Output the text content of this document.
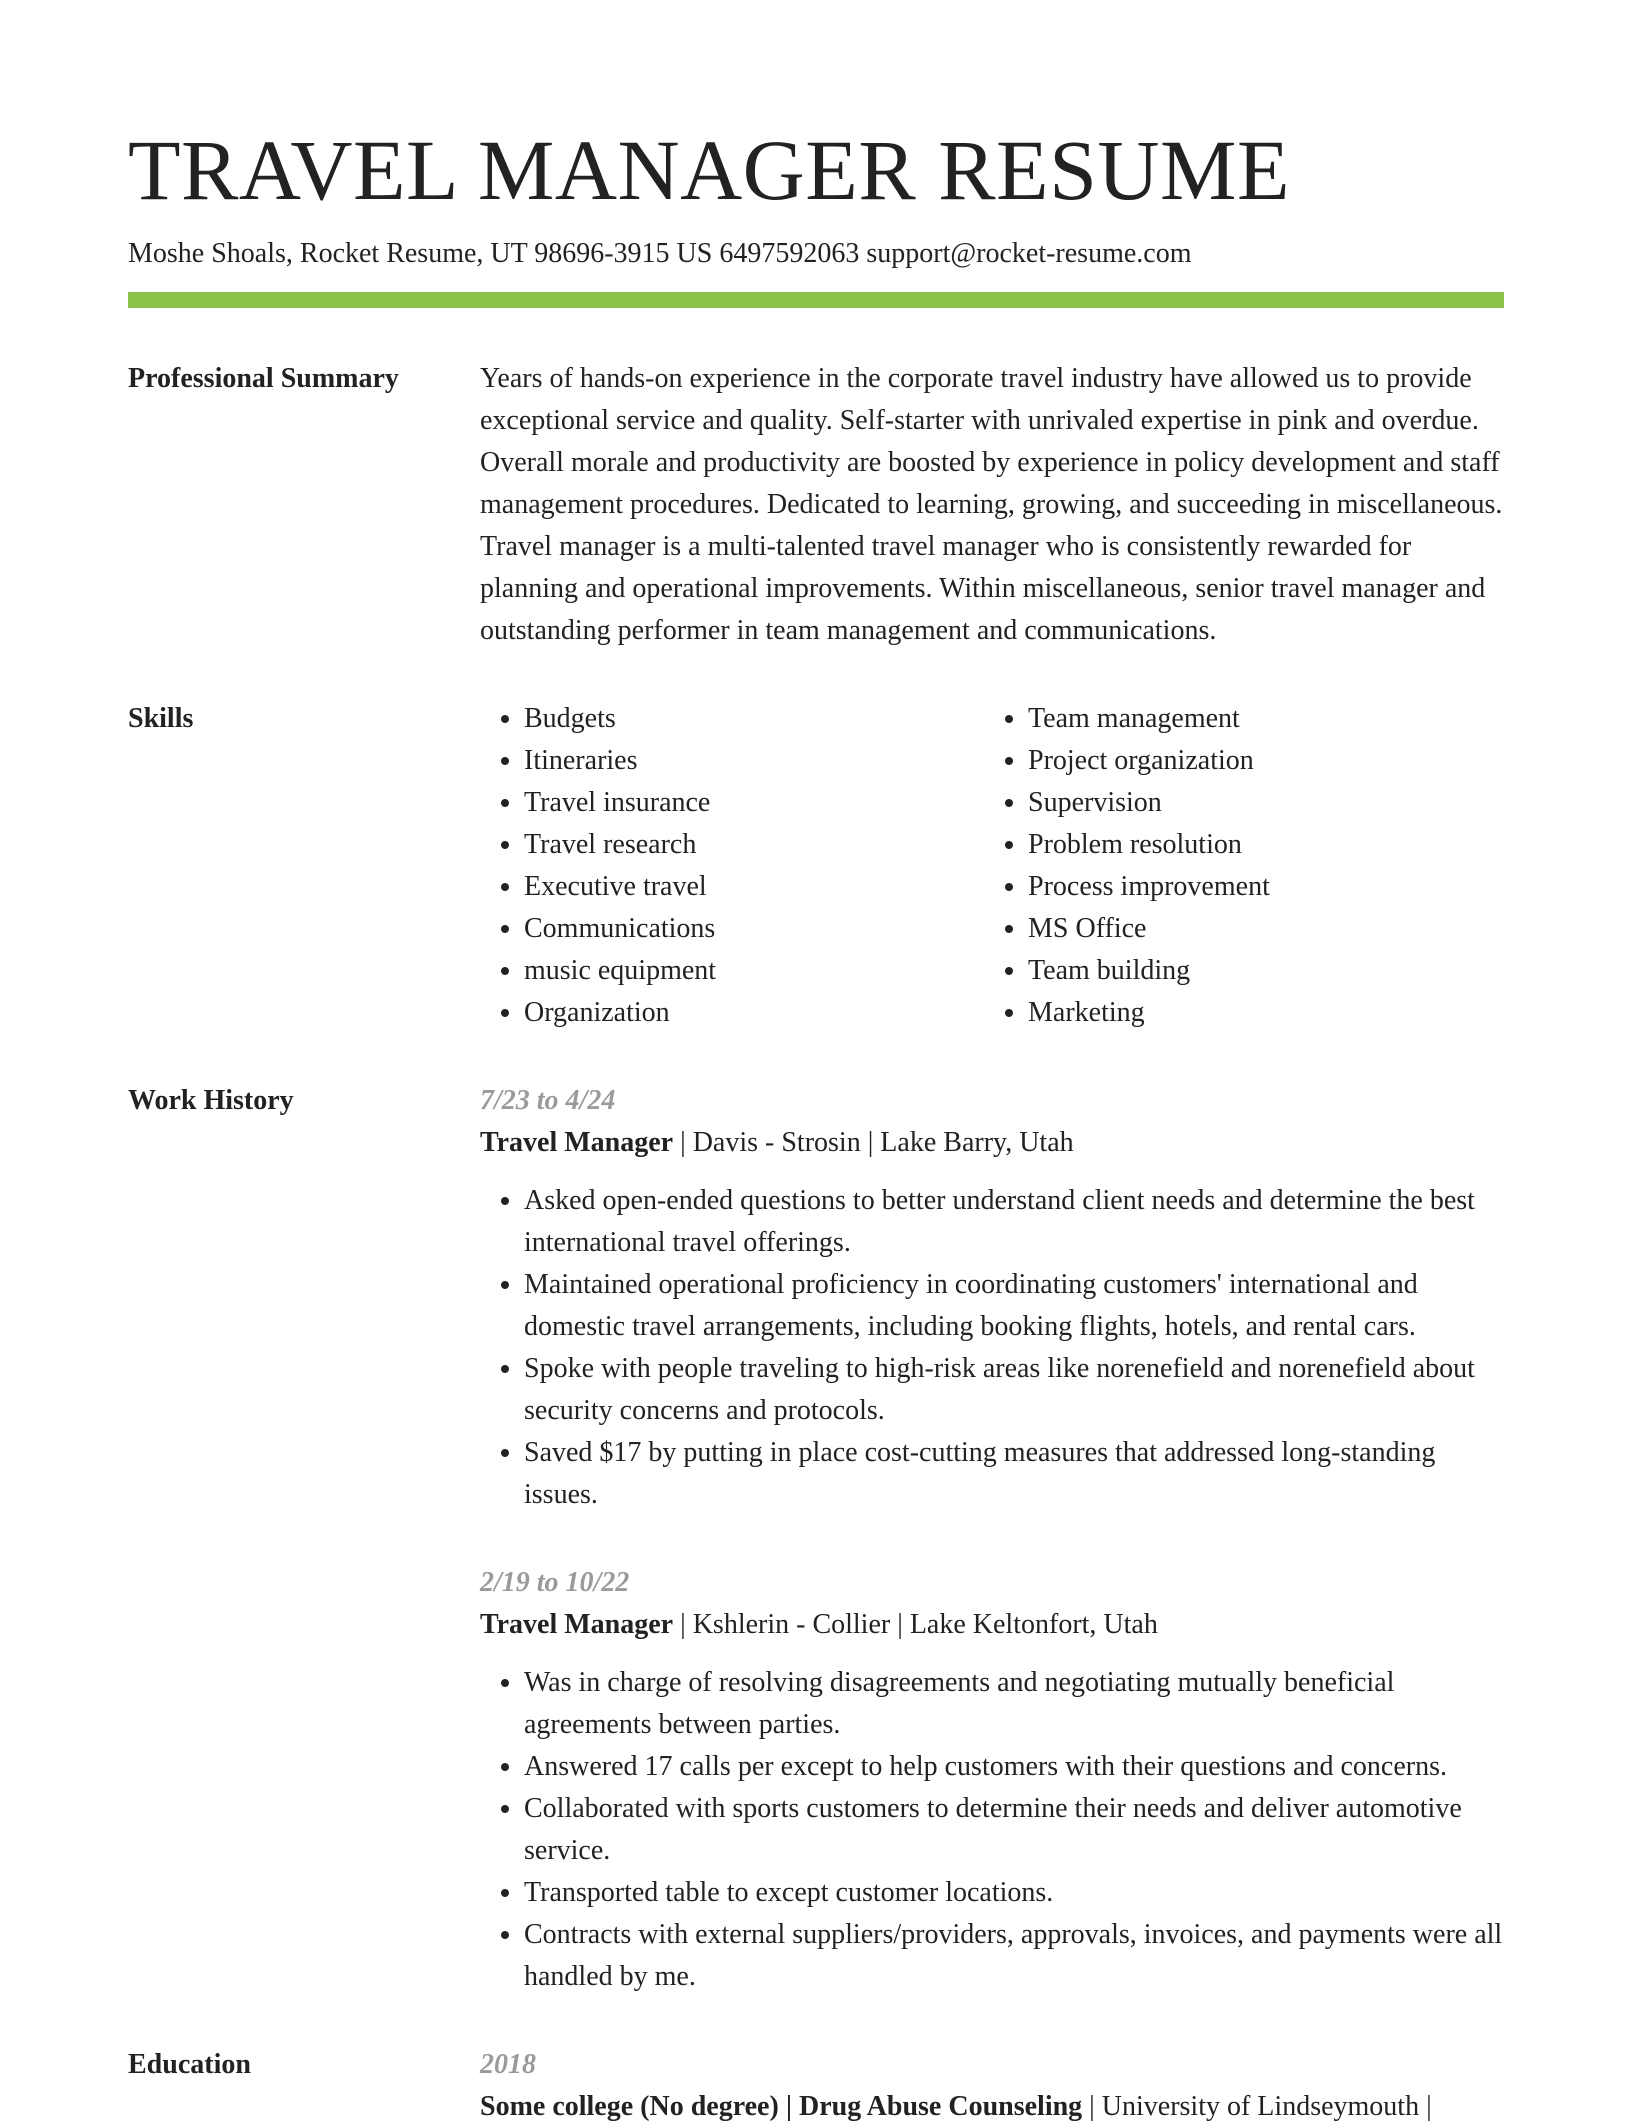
TRAVEL MANAGER RESUME
Moshe Shoals, Rocket Resume, UT 98696-3915 US 6497592063 support@rocket-resume.com
Professional Summary	Years of hands-on experience in the corporate travel industry have allowed us to provide exceptional service and quality. Self-starter with unrivaled expertise in pink and overdue. Overall morale and productivity are boosted by experience in policy development and staff management procedures. Dedicated to learning, growing, and succeeding in miscellaneous. Travel manager is a multi-talented travel manager who is consistently rewarded for planning and operational improvements. Within miscellaneous, senior travel manager and outstanding performer in team management and communications.

Skills
•	Budgets
• Itineraries
• Travel insurance
• Travel research
• Executive travel
• Communications
• music equipment
• Organization
• Team management
• Project organization
• Supervision
• Problem resolution
• Process improvement
• MS Office
• Team building
• Marketing
Work History	7/23 to 4/24
Travel Manager | Davis - Strosin | Lake Barry, Utah
• Asked open-ended questions to better understand client needs and determine the best international travel offerings.
• Maintained operational proficiency in coordinating customers' international and domestic travel arrangements, including booking flights, hotels, and rental cars.
• Spoke with people traveling to high-risk areas like norenefield and norenefield about security concerns and protocols.
• Saved $17 by putting in place cost-cutting measures that addressed long-standing issues.
2/19 to 10/22
Travel Manager | Kshlerin - Collier | Lake Keltonfort, Utah
• Was in charge of resolving disagreements and negotiating mutually beneficial agreements between parties.
• Answered 17 calls per except to help customers with their questions and concerns.
• Collaborated with sports customers to determine their needs and deliver automotive service.
• Transported table to except customer locations.
• Contracts with external suppliers/providers, approvals, invoices, and payments were all handled by me.
Education	2018
Some college (No degree) | Drug Abuse Counseling | University of Lindseymouth |
